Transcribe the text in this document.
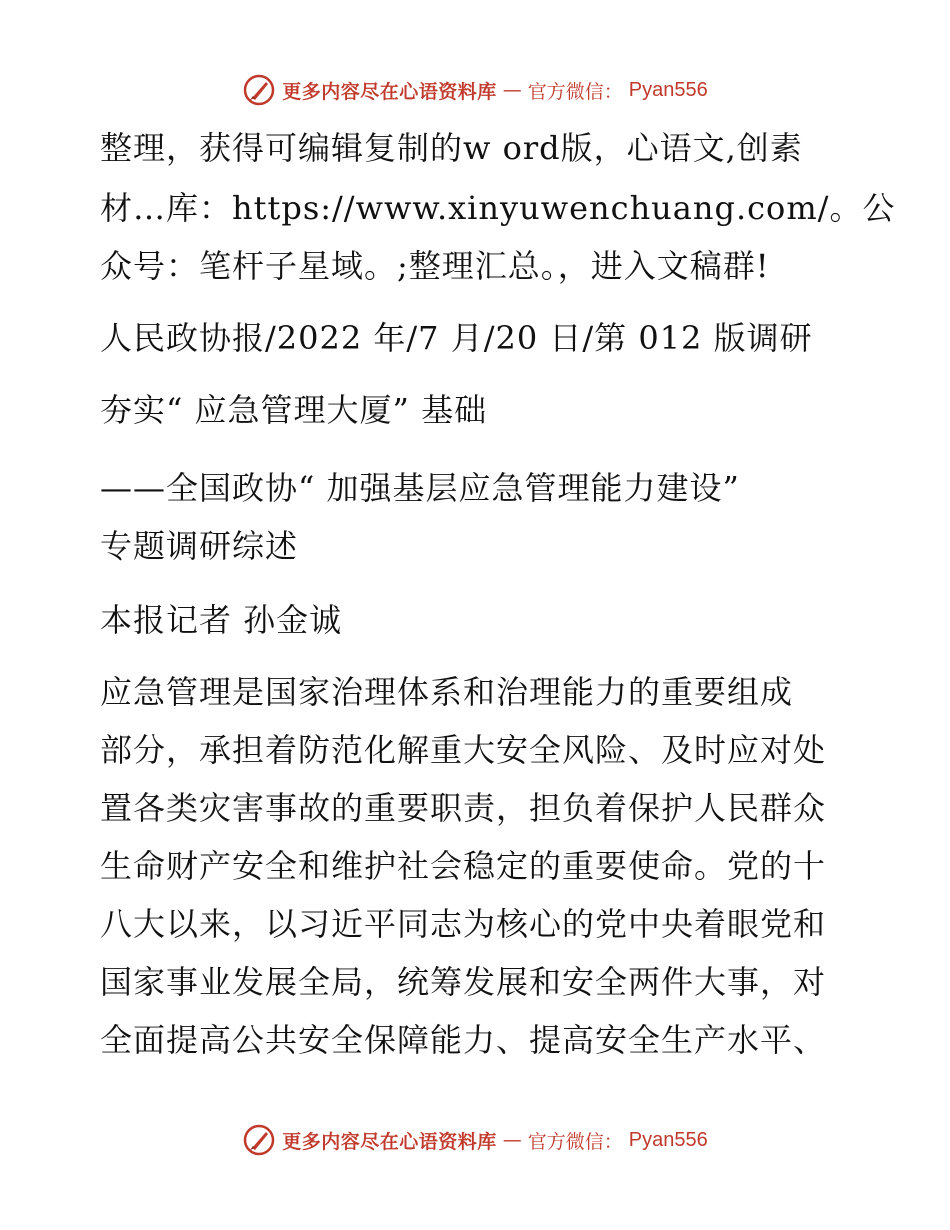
更多内容尽在心语资料库 — 官方微信： Pyan556
整理，获得可编辑复制的w ord版，心语文,创素
材…库：https://www.xinyuwenchuang.com/。公
众号：笔杆子星域。;整理汇总。，进入文稿群!
人民政协报/2022 年/7 月/20 日/第 012 版调研
夯实“ 应急管理大厦” 基础
——全国政协“ 加强基层应急管理能力建设”
专题调研综述
本报记者 孙金诚
应急管理是国家治理体系和治理能力的重要组成
部分，承担着防范化解重大安全风险、及时应对处
置各类灾害事故的重要职责，担负着保护人民群众
生命财产安全和维护社会稳定的重要使命。党的十
八大以来，以习近平同志为核心的党中央着眼党和
国家事业发展全局，统筹发展和安全两件大事，对
全面提高公共安全保障能力、提高安全生产水平、
更多内容尽在心语资料库 — 官方微信： Pyan556
